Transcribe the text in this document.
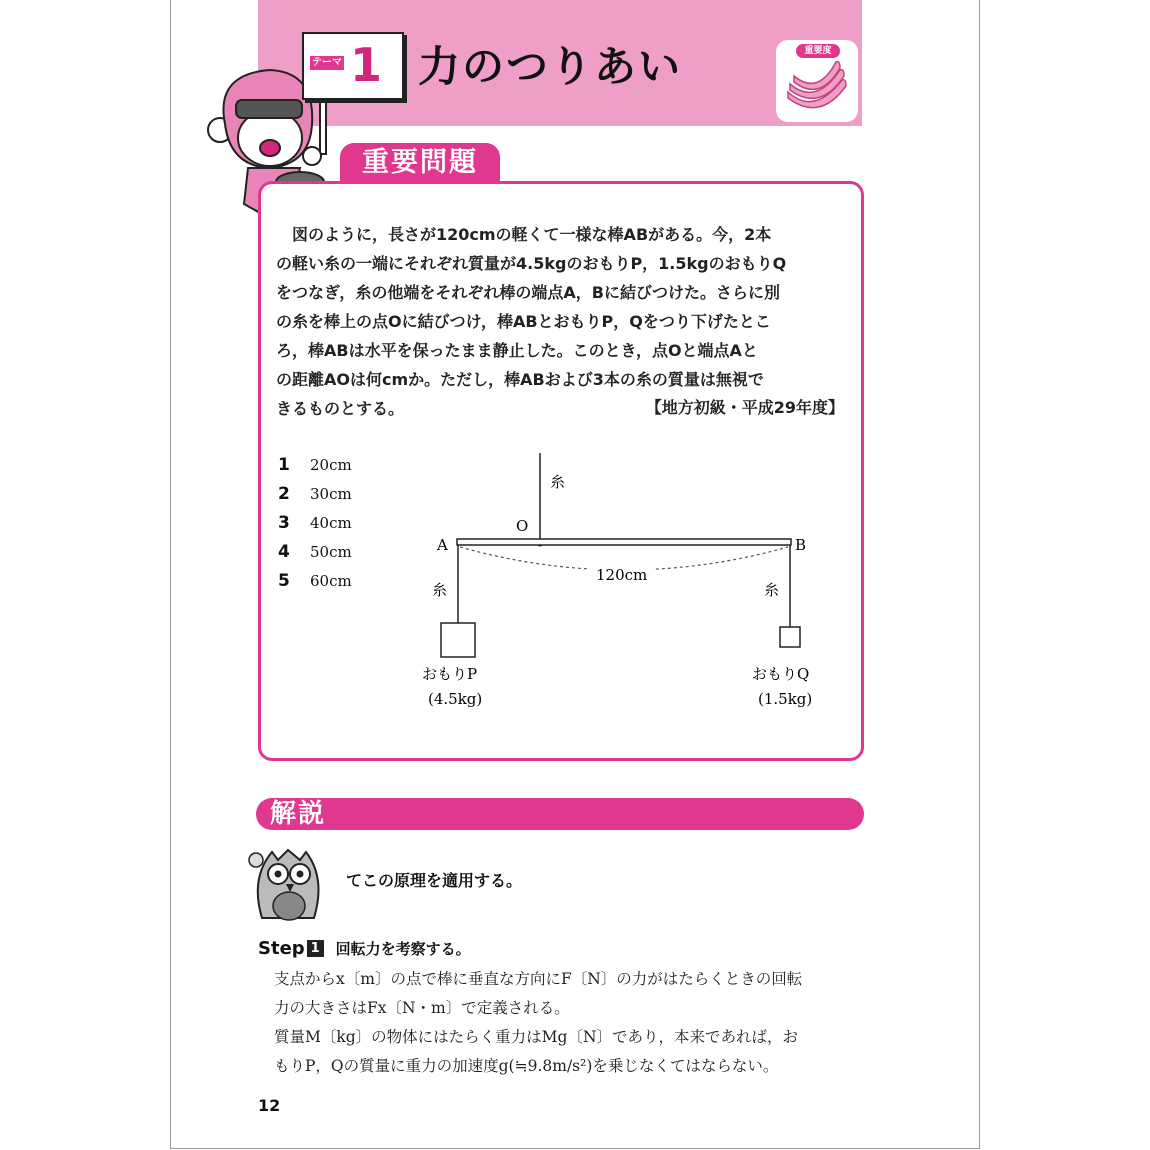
テーマ 1 力のつりあい	重要度
重要問題
図のように，長さが120cmの軽くて一様な棒ABがある。今，2本
の軽い糸の一端にそれぞれ質量が4.5kgのおもりP，1.5kgのおもりQ
をつなぎ，糸の他端をそれぞれ棒の端点A，Bに結びつけた。さらに別
の糸を棒上の点Oに結びつけ，棒ABとおもりP，Qをつり下げたとこ
ろ，棒ABは水平を保ったまま静止した。このとき，点Oと端点Aと
の距離AOは何cmか。ただし，棒ABおよび3本の糸の質量は無視で
きるものとする。	【地方初級・平成29年度】
1	20cm
2	30cm
3	40cm
4	50cm
5	60cm
糸
O
A	B
120cm
糸	糸
おもりP
(4.5kg)
おもりQ
(1.5kg)
解説
てこの原理を適用する。
Step 1 回転力を考察する。
支点からx〔m〕の点で棒に垂直な方向にF〔N〕の力がはたらくときの回転
力の大きさはFx〔N・m〕で定義される。
質量M〔kg〕の物体にはたらく重力はMg〔N〕であり，本来であれば，お
もりP，Qの質量に重力の加速度g(≒9.8m/s²)を乗じなくてはならない。
12
